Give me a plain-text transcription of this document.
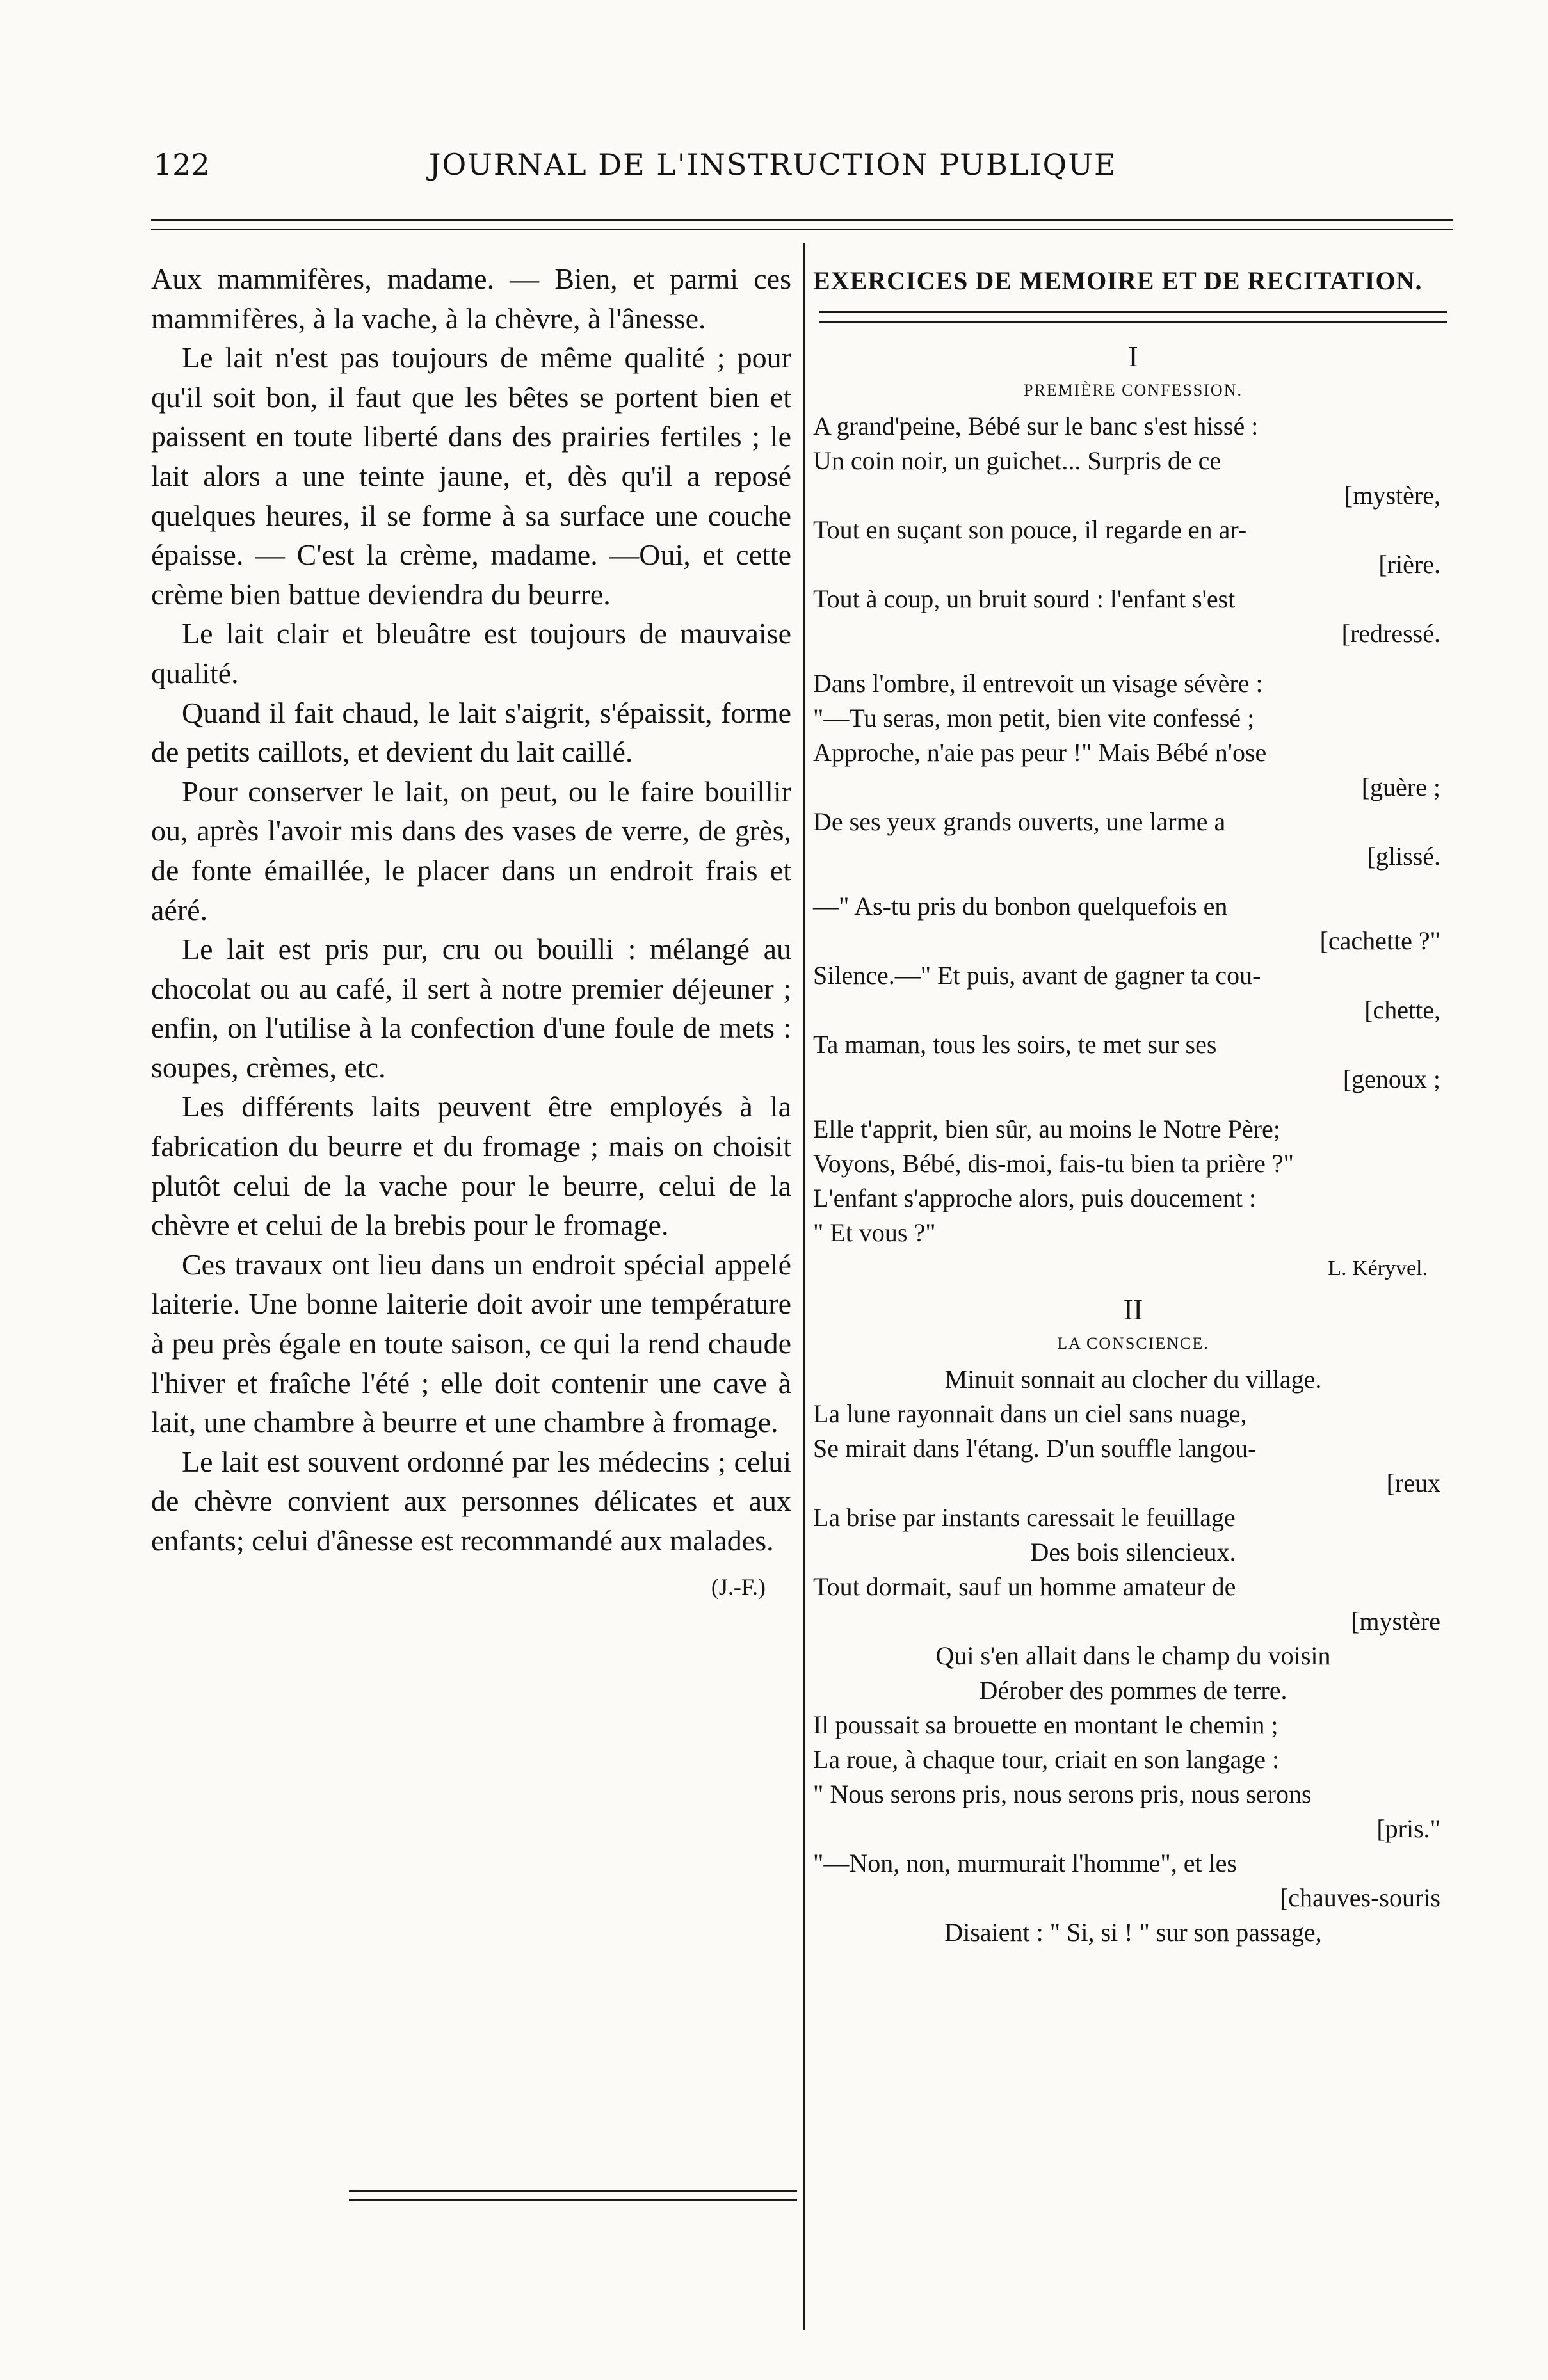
122	JOURNAL DE L'INSTRUCTION PUBLIQUE

Aux mammifères, madame. — Bien, et parmi ces mammifères, à la vache, à la chèvre, à l'ânesse.

Le lait n'est pas toujours de même qualité ; pour qu'il soit bon, il faut que les bêtes se portent bien et paissent en toute liberté dans des prairies fertiles ; le lait alors a une teinte jaune, et, dès qu'il a reposé quelques heures, il se forme à sa surface une couche épaisse. — C'est la crème, madame. —Oui, et cette crème bien battue deviendra du beurre.

Le lait clair et bleuâtre est toujours de mauvaise qualité.

Quand il fait chaud, le lait s'aigrit, s'épaissit, forme de petits caillots, et devient du lait caillé.

Pour conserver le lait, on peut, ou le faire bouillir ou, après l'avoir mis dans des vases de verre, de grès, de fonte émaillée, le placer dans un endroit frais et aéré.

Le lait est pris pur, cru ou bouilli : mélangé au chocolat ou au café, il sert à notre premier déjeuner ; enfin, on l'utilise à la confection d'une foule de mets : soupes, crèmes, etc.

Les différents laits peuvent être employés à la fabrication du beurre et du fromage ; mais on choisit plutôt celui de la vache pour le beurre, celui de la chèvre et celui de la brebis pour le fromage.

Ces travaux ont lieu dans un endroit spécial appelé laiterie. Une bonne laiterie doit avoir une température à peu près égale en toute saison, ce qui la rend chaude l'hiver et fraîche l'été ; elle doit contenir une cave à lait, une chambre à beurre et une chambre à fromage.

Le lait est souvent ordonné par les médecins ; celui de chèvre convient aux personnes délicates et aux enfants; celui d'ânesse est recommandé aux malades.

(J.-F.)
EXERCICES DE MEMOIRE ET DE RECITATION.
I
PREMIÈRE CONFESSION.
A grand'peine, Bébé sur le banc s'est hissé :
Un coin noir, un guichet... Surpris de ce
[mystère,
Tout en suçant son pouce, il regarde en ar-
[rière.
Tout à coup, un bruit sourd : l'enfant s'est
[redressé.
Dans l'ombre, il entrevoit un visage sévère :
"—Tu seras, mon petit, bien vite confessé ;
Approche, n'aie pas peur !" Mais Bébé n'ose
[guère ;
De ses yeux grands ouverts, une larme a
[glissé.
—" As-tu pris du bonbon quelquefois en
[cachette ?"
Silence.—" Et puis, avant de gagner ta cou-
[chette,
Ta maman, tous les soirs, te met sur ses
[genoux ;
Elle t'apprit, bien sûr, au moins le Notre Père;
Voyons, Bébé, dis-moi, fais-tu bien ta prière ?"
L'enfant s'approche alors, puis doucement :
" Et vous ?"
L. Kéryvel.
II
LA CONSCIENCE.
Minuit sonnait au clocher du village.
La lune rayonnait dans un ciel sans nuage,
Se mirait dans l'étang. D'un souffle langou-
[reux
La brise par instants caressait le feuillage
Des bois silencieux.
Tout dormait, sauf un homme amateur de
[mystère
Qui s'en allait dans le champ du voisin
Dérober des pommes de terre.
Il poussait sa brouette en montant le chemin ;
La roue, à chaque tour, criait en son langage :
" Nous serons pris, nous serons pris, nous serons
[pris."
"—Non, non, murmurait l'homme", et les
[chauves-souris
Disaient : " Si, si ! " sur son passage,
